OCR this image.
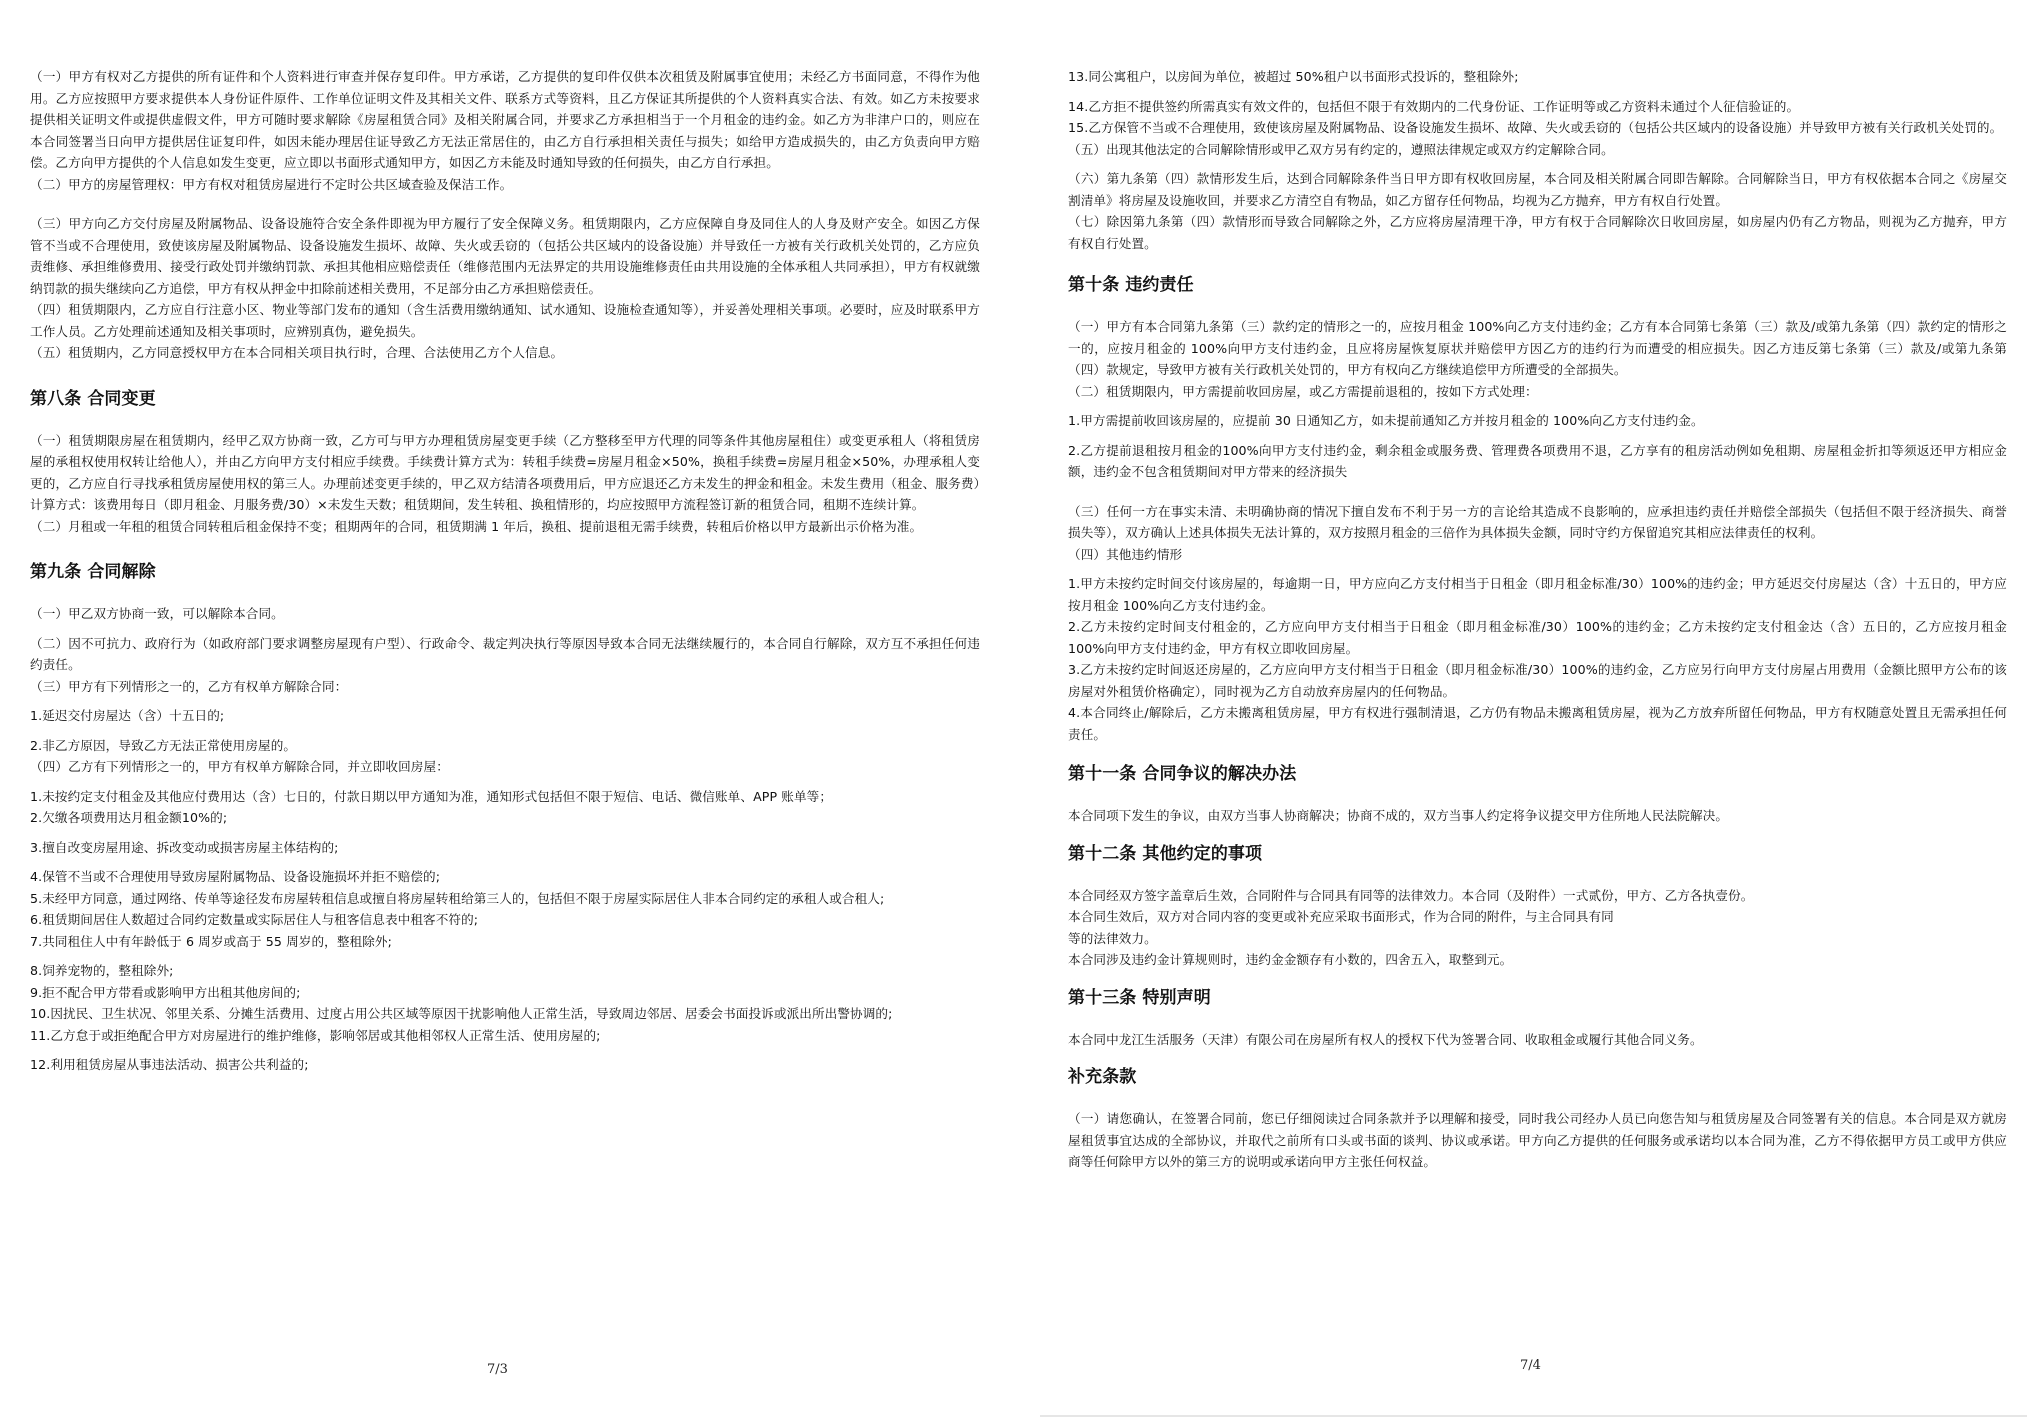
（一）甲方有权对乙方提供的所有证件和个人资料进行审查并保存复印件。甲方承诺，乙方提供的复印件仅供本次租赁及附属事宜使用；未经乙方书面同意，不得作为他用。乙方应按照甲方要求提供本人身份证件原件、工作单位证明文件及其相关文件、联系方式等资料，且乙方保证其所提供的个人资料真实合法、有效。如乙方未按要求提供相关证明文件或提供虚假文件，甲方可随时要求解除《房屋租赁合同》及相关附属合同，并要求乙方承担相当于一个月租金的违约金。如乙方为非津户口的，则应在本合同签署当日向甲方提供居住证复印件，如因未能办理居住证导致乙方无法正常居住的，由乙方自行承担相关责任与损失；如给甲方造成损失的，由乙方负责向甲方赔偿。乙方向甲方提供的个人信息如发生变更，应立即以书面形式通知甲方，如因乙方未能及时通知导致的任何损失，由乙方自行承担。

（二）甲方的房屋管理权：甲方有权对租赁房屋进行不定时公共区域查验及保洁工作。

（三）甲方向乙方交付房屋及附属物品、设备设施符合安全条件即视为甲方履行了安全保障义务。租赁期限内，乙方应保障自身及同住人的人身及财产安全。如因乙方保管不当或不合理使用，致使该房屋及附属物品、设备设施发生损坏、故障、失火或丢窃的（包括公共区域内的设备设施）并导致任一方被有关行政机关处罚的，乙方应负责维修、承担维修费用、接受行政处罚并缴纳罚款、承担其他相应赔偿责任（维修范围内无法界定的共用设施维修责任由共用设施的全体承租人共同承担），甲方有权就缴纳罚款的损失继续向乙方追偿，甲方有权从押金中扣除前述相关费用，不足部分由乙方承担赔偿责任。

（四）租赁期限内，乙方应自行注意小区、物业等部门发布的通知（含生活费用缴纳通知、试水通知、设施检查通知等），并妥善处理相关事项。必要时，应及时联系甲方工作人员。乙方处理前述通知及相关事项时，应辨别真伪，避免损失。

（五）租赁期内，乙方同意授权甲方在本合同相关项目执行时，合理、合法使用乙方个人信息。

第八条 合同变更

（一）租赁期限房屋在租赁期内，经甲乙双方协商一致，乙方可与甲方办理租赁房屋变更手续（乙方整移至甲方代理的同等条件其他房屋租住）或变更承租人（将租赁房屋的承租权使用权转让给他人），并由乙方向甲方支付相应手续费。手续费计算方式为：转租手续费=房屋月租金×50%，换租手续费=房屋月租金×50%，办理承租人变更的，乙方应自行寻找承租赁房屋使用权的第三人。办理前述变更手续的，甲乙双方结清各项费用后，甲方应退还乙方未发生的押金和租金。未发生费用（租金、服务费）计算方式：该费用每日（即月租金、月服务费/30）×未发生天数；租赁期间，发生转租、换租情形的，均应按照甲方流程签订新的租赁合同，租期不连续计算。

（二）月租或一年租的租赁合同转租后租金保持不变；租期两年的合同，租赁期满 1 年后，换租、提前退租无需手续费，转租后价格以甲方最新出示价格为准。

第九条 合同解除

（一）甲乙双方协商一致，可以解除本合同。

（二）因不可抗力、政府行为（如政府部门要求调整房屋现有户型）、行政命令、裁定判决执行等原因导致本合同无法继续履行的，本合同自行解除，双方互不承担任何违约责任。

（三）甲方有下列情形之一的，乙方有权单方解除合同：

1.延迟交付房屋达（含）十五日的;

2.非乙方原因，导致乙方无法正常使用房屋的。

（四）乙方有下列情形之一的，甲方有权单方解除合同，并立即收回房屋：

1.未按约定支付租金及其他应付费用达（含）七日的，付款日期以甲方通知为准，通知形式包括但不限于短信、电话、微信账单、APP 账单等；

2.欠缴各项费用达月租金额10%的;

3.擅自改变房屋用途、拆改变动或损害房屋主体结构的;

4.保管不当或不合理使用导致房屋附属物品、设备设施损坏并拒不赔偿的;

5.未经甲方同意，通过网络、传单等途径发布房屋转租信息或擅自将房屋转租给第三人的，包括但不限于房屋实际居住人非本合同约定的承租人或合租人;

6.租赁期间居住人数超过合同约定数量或实际居住人与租客信息表中租客不符的;

7.共同租住人中有年龄低于 6 周岁或高于 55 周岁的，整租除外;

8.饲养宠物的，整租除外;

9.拒不配合甲方带看或影响甲方出租其他房间的;

10.因扰民、卫生状况、邻里关系、分摊生活费用、过度占用公共区域等原因干扰影响他人正常生活，导致周边邻居、居委会书面投诉或派出所出警协调的;

11.乙方怠于或拒绝配合甲方对房屋进行的维护维修，影响邻居或其他相邻权人正常生活、使用房屋的;

12.利用租赁房屋从事违法活动、损害公共利益的;

7/3

13.同公寓租户，以房间为单位，被超过 50%租户以书面形式投诉的，整租除外;

14.乙方拒不提供签约所需真实有效文件的，包括但不限于有效期内的二代身份证、工作证明等或乙方资料未通过个人征信验证的。

15.乙方保管不当或不合理使用，致使该房屋及附属物品、设备设施发生损坏、故障、失火或丢窃的（包括公共区域内的设备设施）并导致甲方被有关行政机关处罚的。

（五）出现其他法定的合同解除情形或甲乙双方另有约定的，遵照法律规定或双方约定解除合同。

（六）第九条第（四）款情形发生后，达到合同解除条件当日甲方即有权收回房屋，本合同及相关附属合同即告解除。合同解除当日，甲方有权依据本合同之《房屋交割清单》将房屋及设施收回，并要求乙方清空自有物品，如乙方留存任何物品，均视为乙方抛弃，甲方有权自行处置。

（七）除因第九条第（四）款情形而导致合同解除之外，乙方应将房屋清理干净，甲方有权于合同解除次日收回房屋，如房屋内仍有乙方物品，则视为乙方抛弃，甲方有权自行处置。

第十条 违约责任

（一）甲方有本合同第九条第（三）款约定的情形之一的，应按月租金 100%向乙方支付违约金；乙方有本合同第七条第（三）款及/或第九条第（四）款约定的情形之一的，应按月租金的 100%向甲方支付违约金，且应将房屋恢复原状并赔偿甲方因乙方的违约行为而遭受的相应损失。因乙方违反第七条第（三）款及/或第九条第（四）款规定，导致甲方被有关行政机关处罚的，甲方有权向乙方继续追偿甲方所遭受的全部损失。

（二）租赁期限内，甲方需提前收回房屋，或乙方需提前退租的，按如下方式处理：

1.甲方需提前收回该房屋的，应提前 30 日通知乙方，如未提前通知乙方并按月租金的 100%向乙方支付违约金。

2.乙方提前退租按月租金的100%向甲方支付违约金，剩余租金或服务费、管理费各项费用不退，乙方享有的租房活动例如免租期、房屋租金折扣等须返还甲方相应金额，违约金不包含租赁期间对甲方带来的经济损失

（三）任何一方在事实未清、未明确协商的情况下擅自发布不利于另一方的言论给其造成不良影响的，应承担违约责任并赔偿全部损失（包括但不限于经济损失、商誉损失等），双方确认上述具体损失无法计算的，双方按照月租金的三倍作为具体损失金额，同时守约方保留追究其相应法律责任的权利。

（四）其他违约情形

1.甲方未按约定时间交付该房屋的，每逾期一日，甲方应向乙方支付相当于日租金（即月租金标准/30）100%的违约金；甲方延迟交付房屋达（含）十五日的，甲方应按月租金 100%向乙方支付违约金。

2.乙方未按约定时间支付租金的，乙方应向甲方支付相当于日租金（即月租金标准/30）100%的违约金；乙方未按约定支付租金达（含）五日的，乙方应按月租金 100%向甲方支付违约金，甲方有权立即收回房屋。

3.乙方未按约定时间返还房屋的，乙方应向甲方支付相当于日租金（即月租金标准/30）100%的违约金，乙方应另行向甲方支付房屋占用费用（金额比照甲方公布的该房屋对外租赁价格确定），同时视为乙方自动放弃房屋内的任何物品。

4.本合同终止/解除后，乙方未搬离租赁房屋，甲方有权进行强制清退，乙方仍有物品未搬离租赁房屋，视为乙方放弃所留任何物品，甲方有权随意处置且无需承担任何责任。

第十一条 合同争议的解决办法

本合同项下发生的争议，由双方当事人协商解决；协商不成的，双方当事人约定将争议提交甲方住所地人民法院解决。

第十二条 其他约定的事项

本合同经双方签字盖章后生效，合同附件与合同具有同等的法律效力。本合同（及附件）一式贰份，甲方、乙方各执壹份。

本合同生效后，双方对合同内容的变更或补充应采取书面形式，作为合同的附件，与主合同具有同

等的法律效力。

本合同涉及违约金计算规则时，违约金金额存有小数的，四舍五入，取整到元。

第十三条 特别声明

本合同中龙江生活服务（天津）有限公司在房屋所有权人的授权下代为签署合同、收取租金或履行其他合同义务。

补充条款

（一）请您确认，在签署合同前，您已仔细阅读过合同条款并予以理解和接受，同时我公司经办人员已向您告知与租赁房屋及合同签署有关的信息。本合同是双方就房屋租赁事宜达成的全部协议，并取代之前所有口头或书面的谈判、协议或承诺。甲方向乙方提供的任何服务或承诺均以本合同为准，乙方不得依据甲方员工或甲方供应商等任何除甲方以外的第三方的说明或承诺向甲方主张任何权益。

7/4
